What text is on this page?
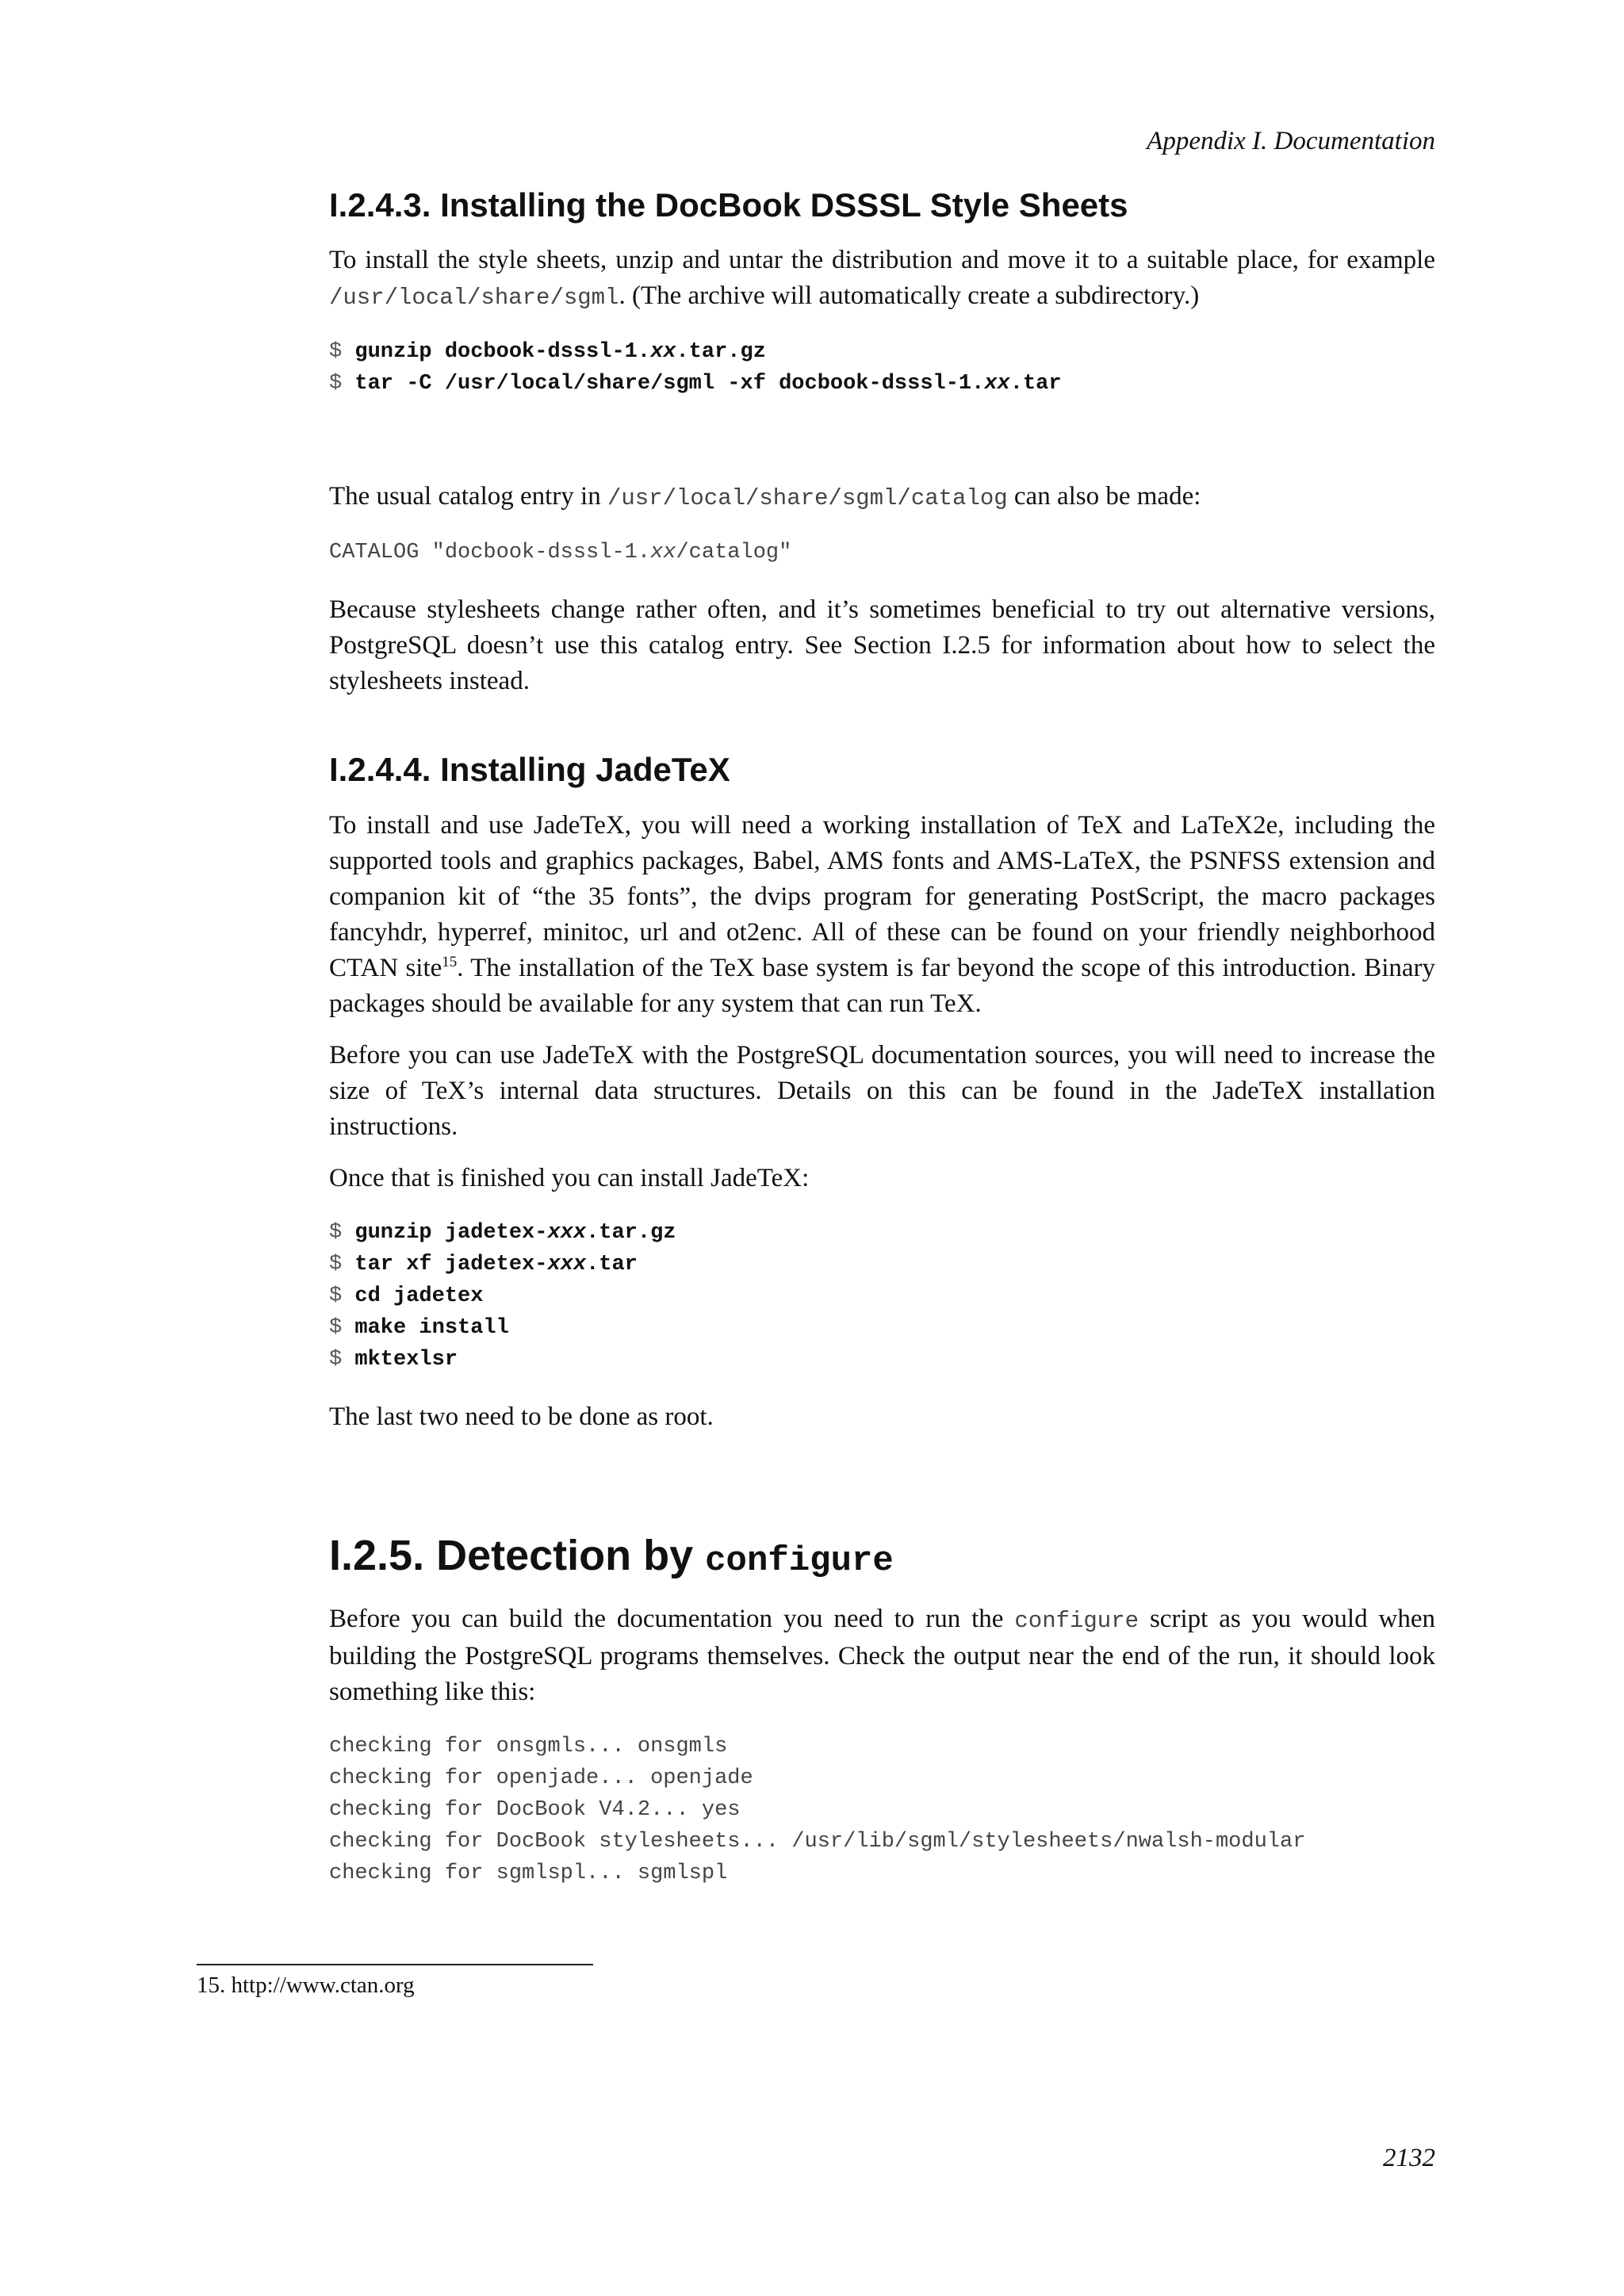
Appendix I. Documentation
I.2.4.3. Installing the DocBook DSSSL Style Sheets

To install the style sheets, unzip and untar the distribution and move it to a suitable place, for example /usr/local/share/sgml. (The archive will automatically create a subdirectory.)

$ gunzip docbook-dsssl-1.xx.tar.gz
$ tar -C /usr/local/share/sgml -xf docbook-dsssl-1.xx.tar

The usual catalog entry in /usr/local/share/sgml/catalog can also be made:

CATALOG "docbook-dsssl-1.xx/catalog"

Because stylesheets change rather often, and it’s sometimes beneficial to try out alternative versions, PostgreSQL doesn’t use this catalog entry. See Section I.2.5 for information about how to select the stylesheets instead.

I.2.4.4. Installing JadeTeX

To install and use JadeTeX, you will need a working installation of TeX and LaTeX2e, including the supported tools and graphics packages, Babel, AMS fonts and AMS-LaTeX, the PSNFSS extension and companion kit of “the 35 fonts”, the dvips program for generating PostScript, the macro packages fancyhdr, hyperref, minitoc, url and ot2enc. All of these can be found on your friendly neighborhood CTAN site$^{15}$. The installation of the TeX base system is far beyond the scope of this introduction. Binary packages should be available for any system that can run TeX.

Before you can use JadeTeX with the PostgreSQL documentation sources, you will need to increase the size of TeX’s internal data structures. Details on this can be found in the JadeTeX installation instructions.

Once that is finished you can install JadeTeX:

$ gunzip jadetex-xxx.tar.gz
$ tar xf jadetex-xxx.tar
$ cd jadetex
$ make install
$ mktexlsr

The last two need to be done as root.

I.2.5. Detection by configure

Before you can build the documentation you need to run the configure script as you would when building the PostgreSQL programs themselves. Check the output near the end of the run, it should look something like this:

checking for onsgmls... onsgmls
checking for openjade... openjade
checking for DocBook V4.2... yes
checking for DocBook stylesheets... /usr/lib/sgml/stylesheets/nwalsh-modular
checking for sgmlspl... sgmlspl
15. http://www.ctan.org
2132
